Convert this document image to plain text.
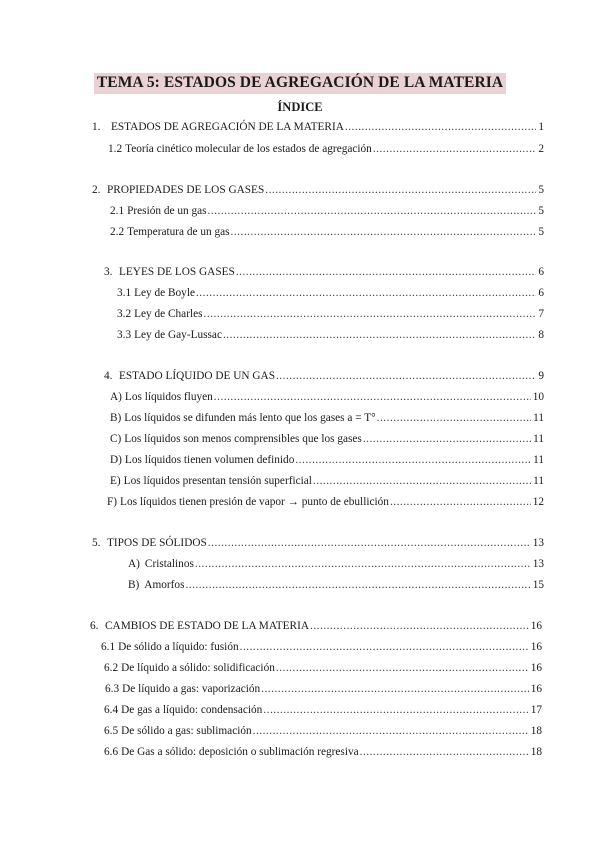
TEMA 5: ESTADOS DE AGREGACIÓN DE LA MATERIA
ÍNDICE
1. ESTADOS DE AGREGACIÓN DE LA MATERIA .....	1
1.2 Teoría cinético molecular de los estados de agregación .....	2
2. PROPIEDADES DE LOS GASES .....	5
2.1 Presión de un gas .....	5
2.2 Temperatura de un gas .....	5
3. LEYES DE LOS GASES .....	6
3.1 Ley de Boyle .....	6
3.2 Ley de Charles .....	7
3.3 Ley de Gay-Lussac .....	8
4. ESTADO LÍQUIDO DE UN GAS .....	9
A) Los líquidos fluyen .....	10
B) Los líquidos se difunden más lento que los gases a = T° .....	11
C) Los líquidos son menos comprensibles que los gases .....	11
D) Los líquidos tienen volumen definido .....	11
E) Los líquidos presentan tensión superficial .....	11
F) Los líquidos tienen presión de vapor → punto de ebullición .....	12
5. TIPOS DE SÓLIDOS .....	13
A) Cristalinos .....	13
B) Amorfos .....	15
6. CAMBIOS DE ESTADO DE LA MATERIA .....	16
6.1 De sólido a líquido: fusión .....	16
6.2 De líquido a sólido: solidificación .....	16
6.3 De líquido a gas: vaporización .....	16
6.4 De gas a líquido: condensación .....	17
6.5 De sólido a gas: sublimación .....	18
6.6 De Gas a sólido: deposición o sublimación regresiva .....	18
